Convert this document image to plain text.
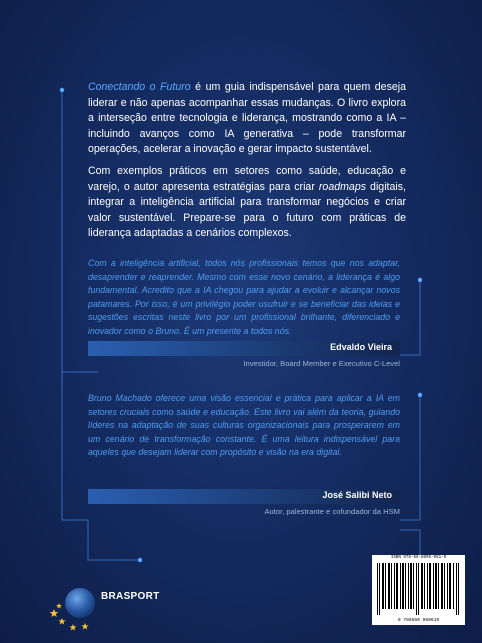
Conectando o Futuro é um guia indispensável para quem deseja liderar e não apenas acompanhar essas mudanças. O livro explora a interseção entre tecnologia e liderança, mostrando como a IA – incluindo avanços como IA generativa – pode transformar operações, acelerar a inovação e gerar impacto sustentável.

Com exemplos práticos em setores como saúde, educação e varejo, o autor apresenta estratégias para criar roadmaps digitais, integrar a inteligência artificial para transformar negócios e criar valor sustentável. Prepare-se para o futuro com práticas de liderança adaptadas a cenários complexos.

Com a inteligência artificial, todos nós profissionais temos que nos adaptar, desaprender e reaprender. Mesmo com esse novo cenário, a liderança é algo fundamental. Acredito que a IA chegou para ajudar a evoluir e alcançar novos patamares. Por isso, é um privilégio poder usufruir e se beneficiar das ideias e sugestões escritas neste livro por um profissional brilhante, diferenciado e inovador como o Bruno. É um presente a todos nós.
Edvaldo Vieira
Investidor, Board Member e Executivo C-Level
Bruno Machado oferece uma visão essencial e prática para aplicar a IA em setores cruciais como saúde e educação. Este livro vai além da teoria, guiando líderes na adaptação de suas culturas organizacionais para prosperarem em um cenário de transformação constante. É uma leitura indispensável para aqueles que desejam liderar com propósito e visão na era digital.
José Salibi Neto
Autor, palestrante e cofundador da HSM
ISBN 978-65-6096-061-9
9 786560 960619
BRASPORT
